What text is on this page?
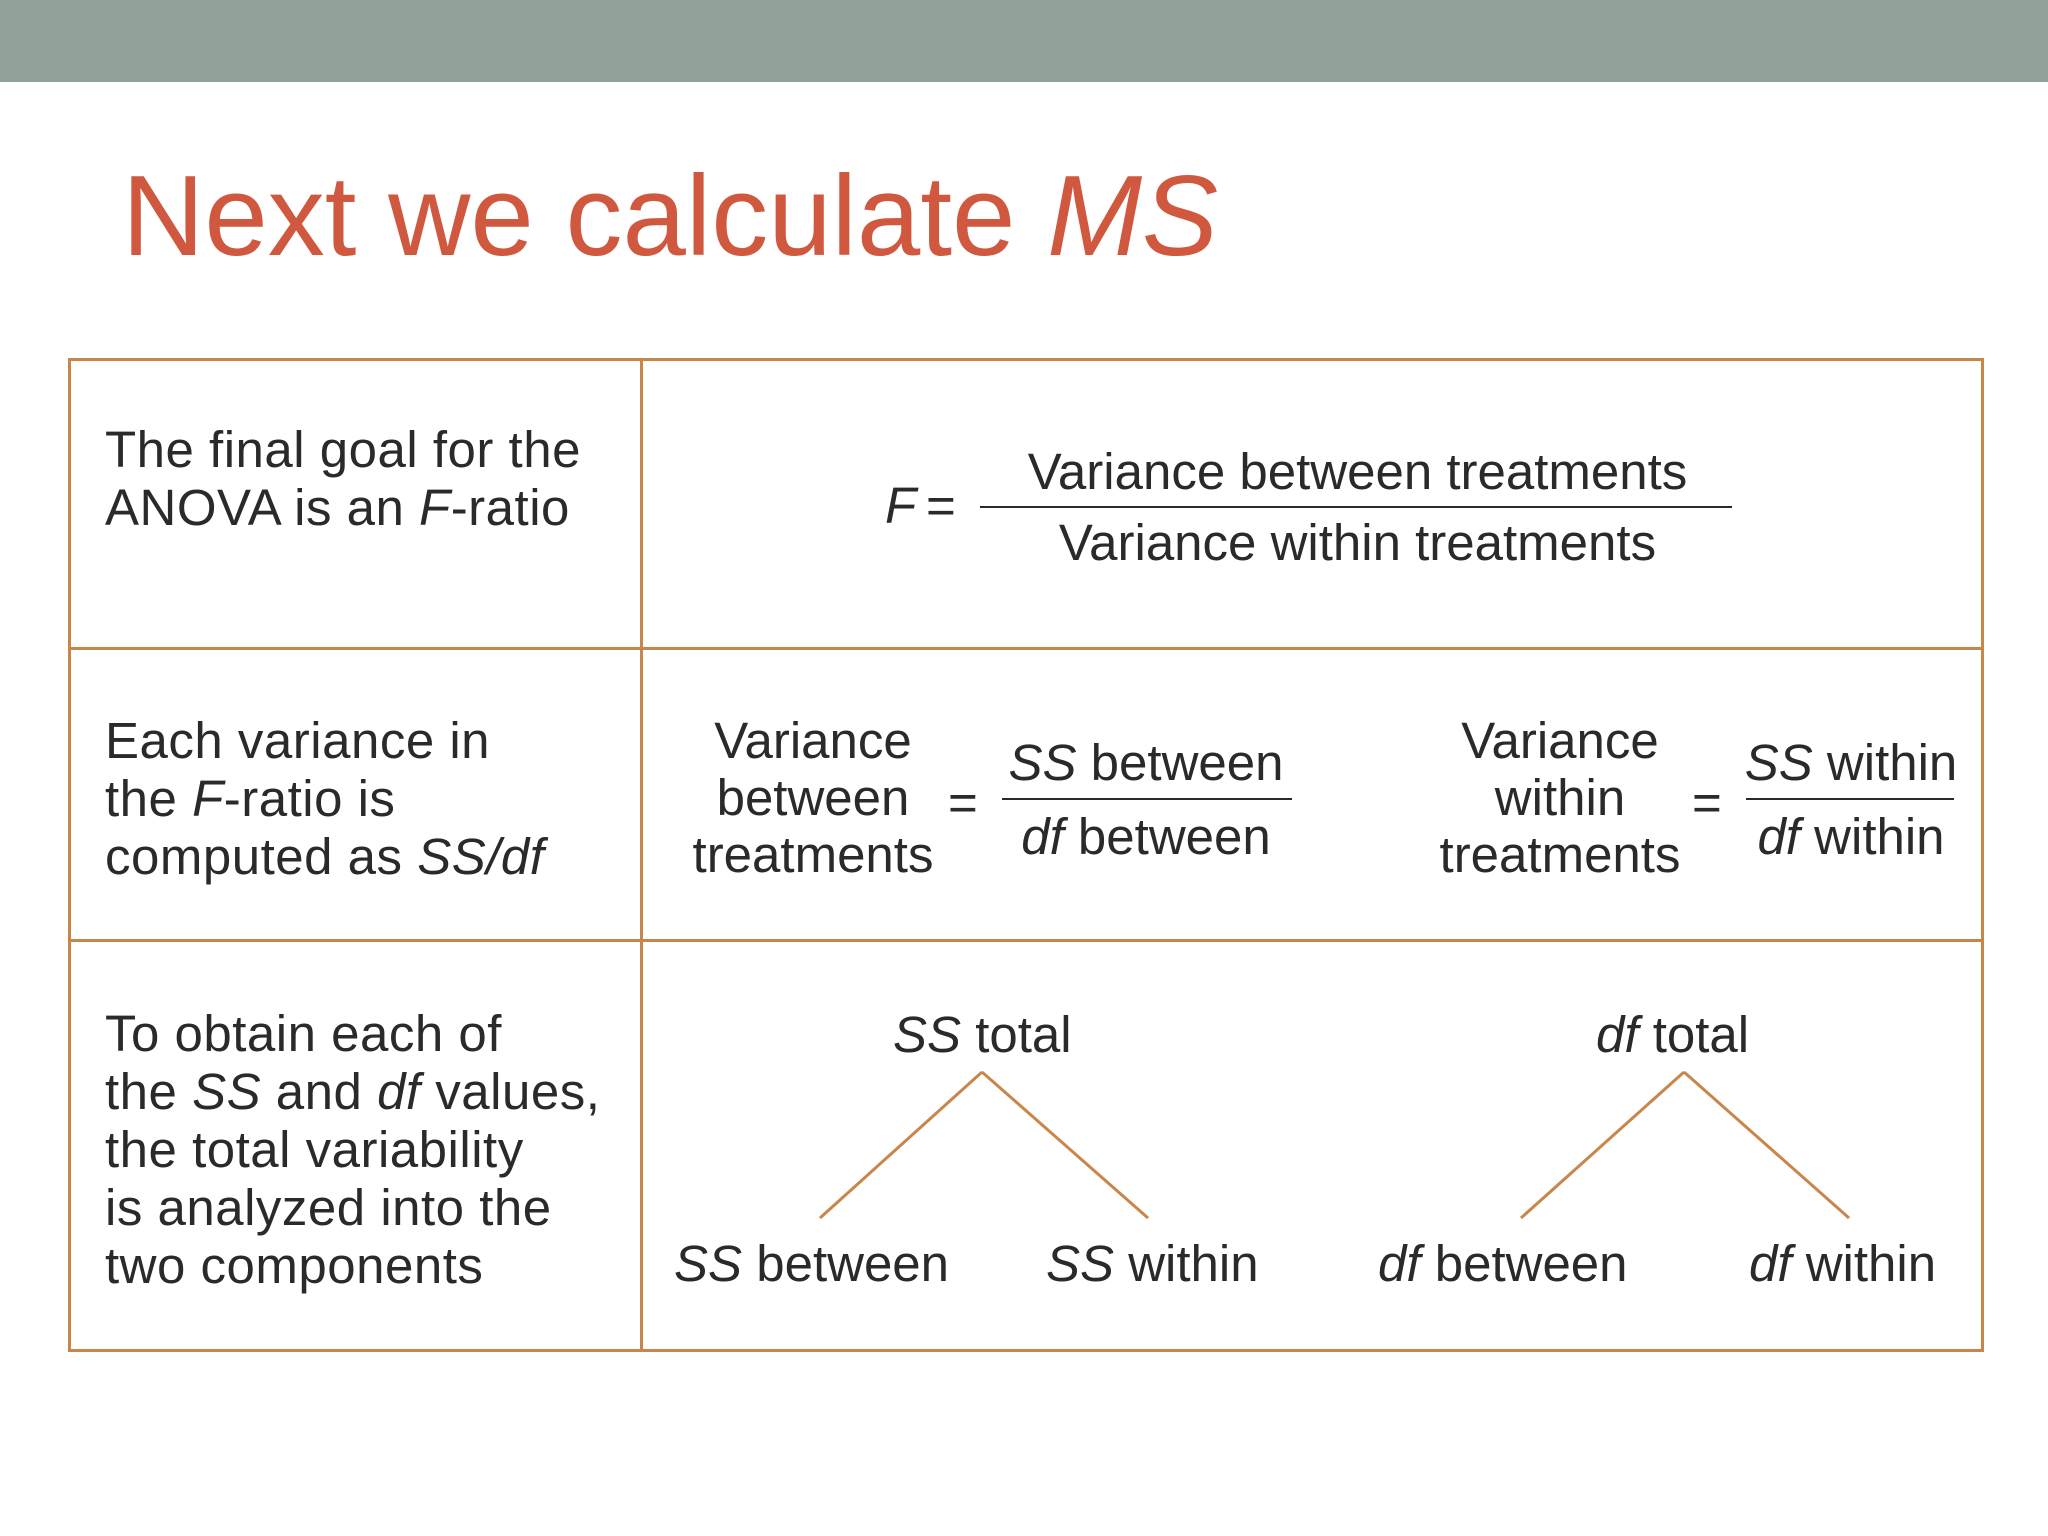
Next we calculate MS
The final goal for the
ANOVA is an F-ratio	F =
Variance between treatments
Variance within treatments
Each variance in
the F-ratio is
computed as SS/df
Variance
between
treatments
=
SS between
df between
Variance
within
treatments
=
SS within
df within
To obtain each of
the SS and df values,
the total variability
is analyzed into the
two components
SS total
SS between SS within
df total
df between df within
